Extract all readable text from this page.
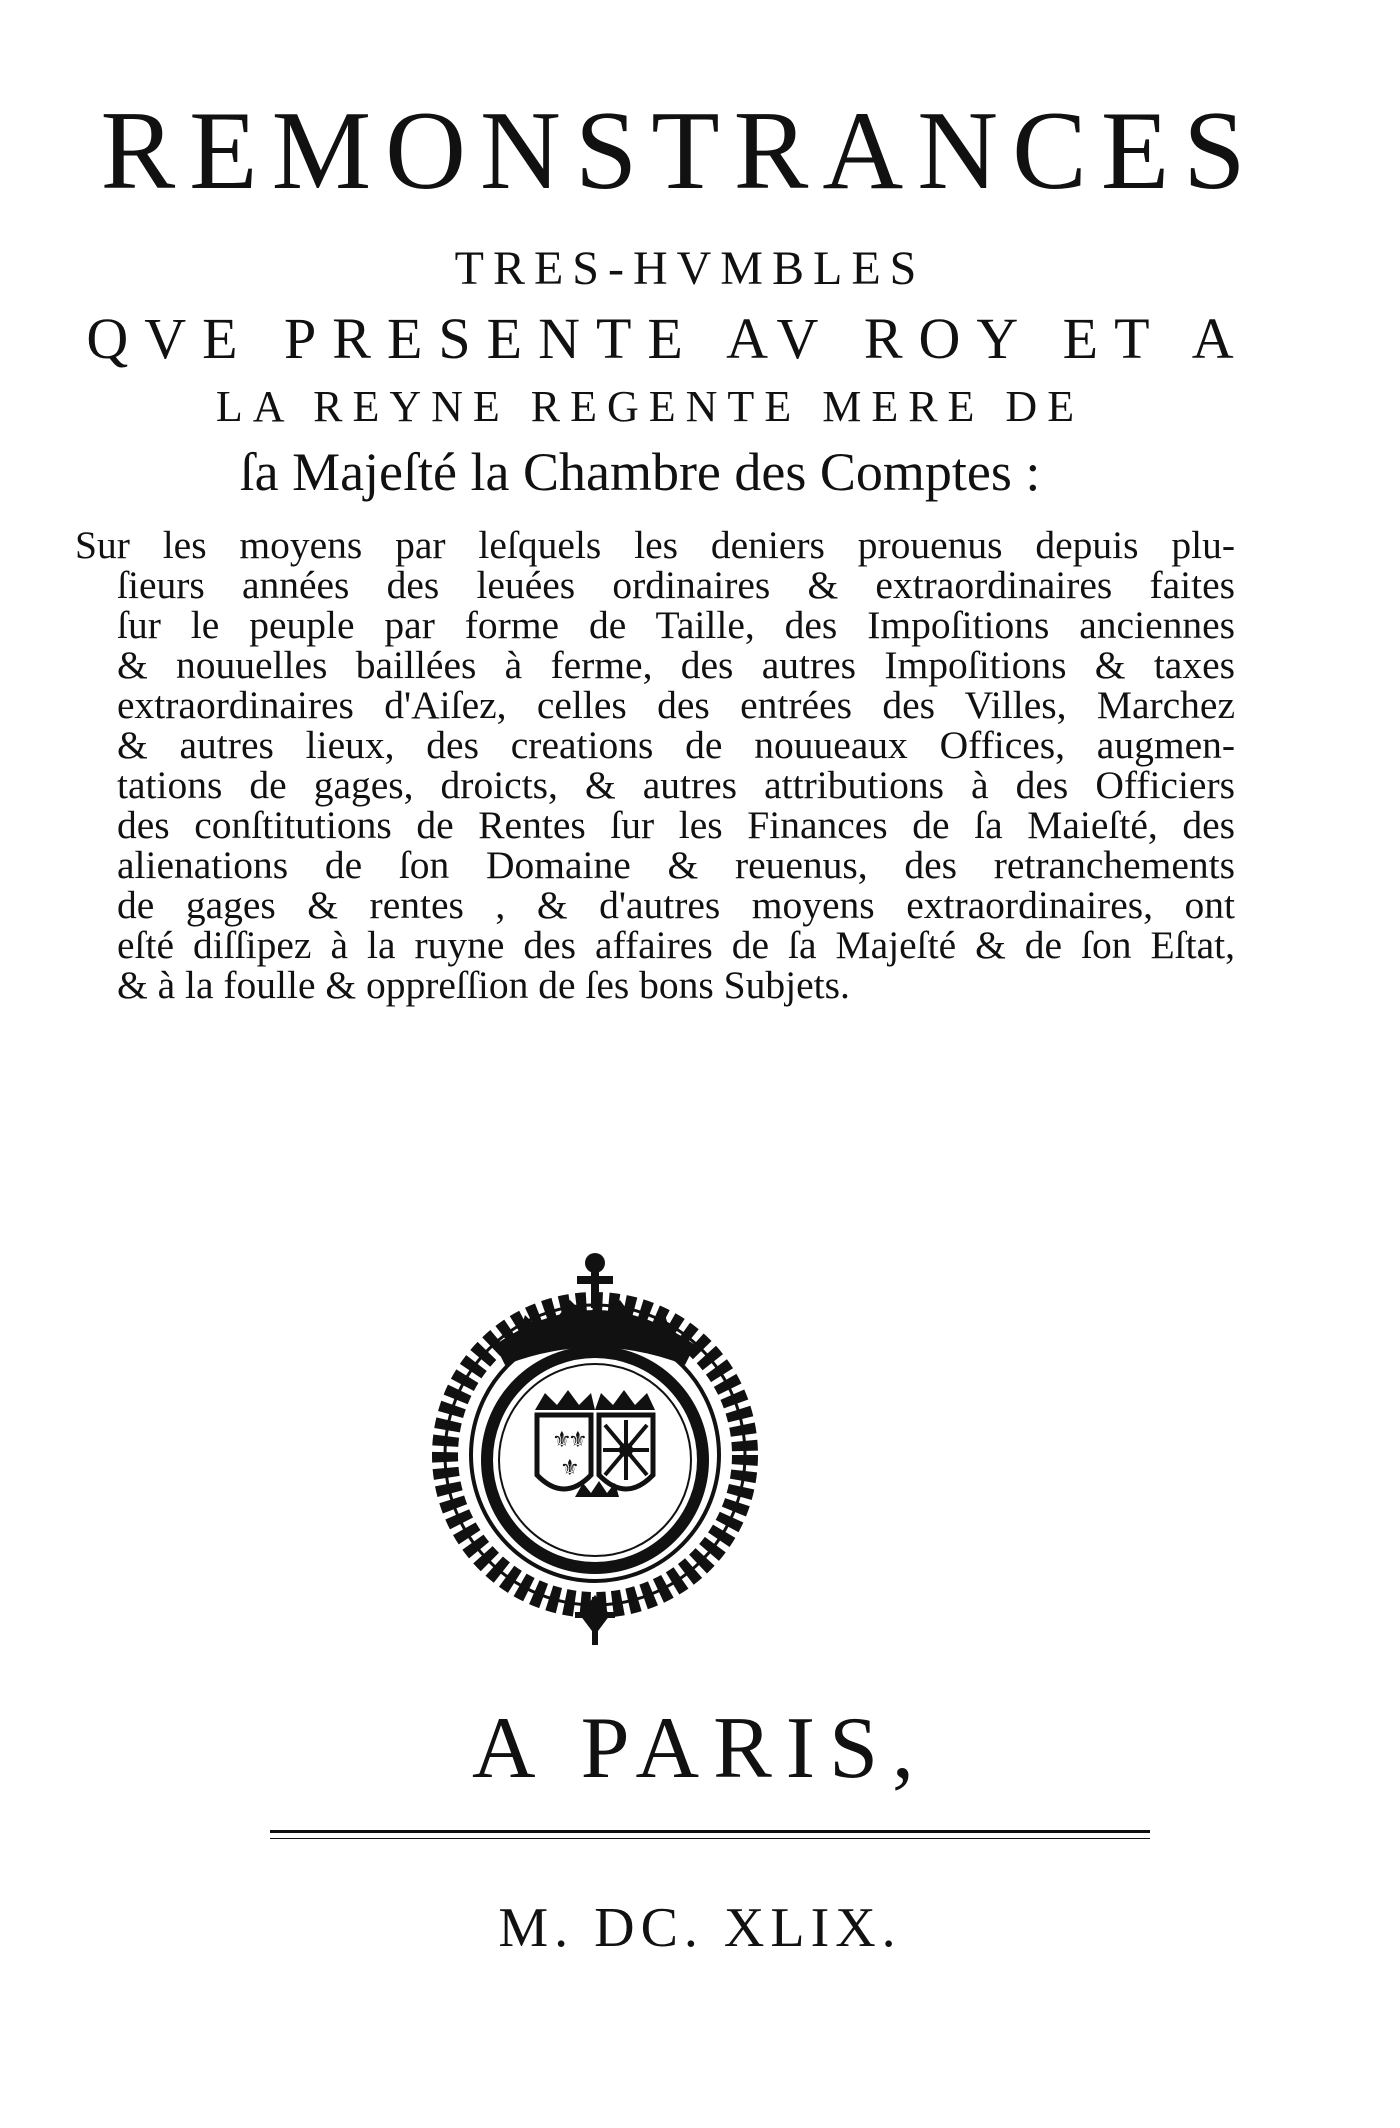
REMONSTRANCES
TRES-HVMBLES
QVE PRESENTE AV ROY ET A
LA REYNE REGENTE MERE DE
ſa Majeſté la Chambre des Comptes :
Sur les moyens par leſquels les deniers prouenus depuis plu-
ſieurs années des leuées ordinaires & extraordinaires faites
ſur le peuple par forme de Taille, des Impoſitions anciennes
& nouuelles baillées à ferme, des autres Impoſitions & taxes
extraordinaires d'Aiſez, celles des entrées des Villes, Marchez
& autres lieux, des creations de nouueaux Offices, augmen-
tations de gages, droicts, & autres attributions à des Officiers
des conſtitutions de Rentes ſur les Finances de ſa Maieſté, des
alienations de ſon Domaine & reuenus, des retranchements
de gages & rentes , & d'autres moyens extraordinaires, ont
eſté diſſipez à la ruyne des affaires de ſa Majeſté & de ſon Eſtat,
& à la foulle & oppreſſion de ſes bons Subjets.
⚜
⚜
⚜
A PARIS,
M. DC. XLIX.
